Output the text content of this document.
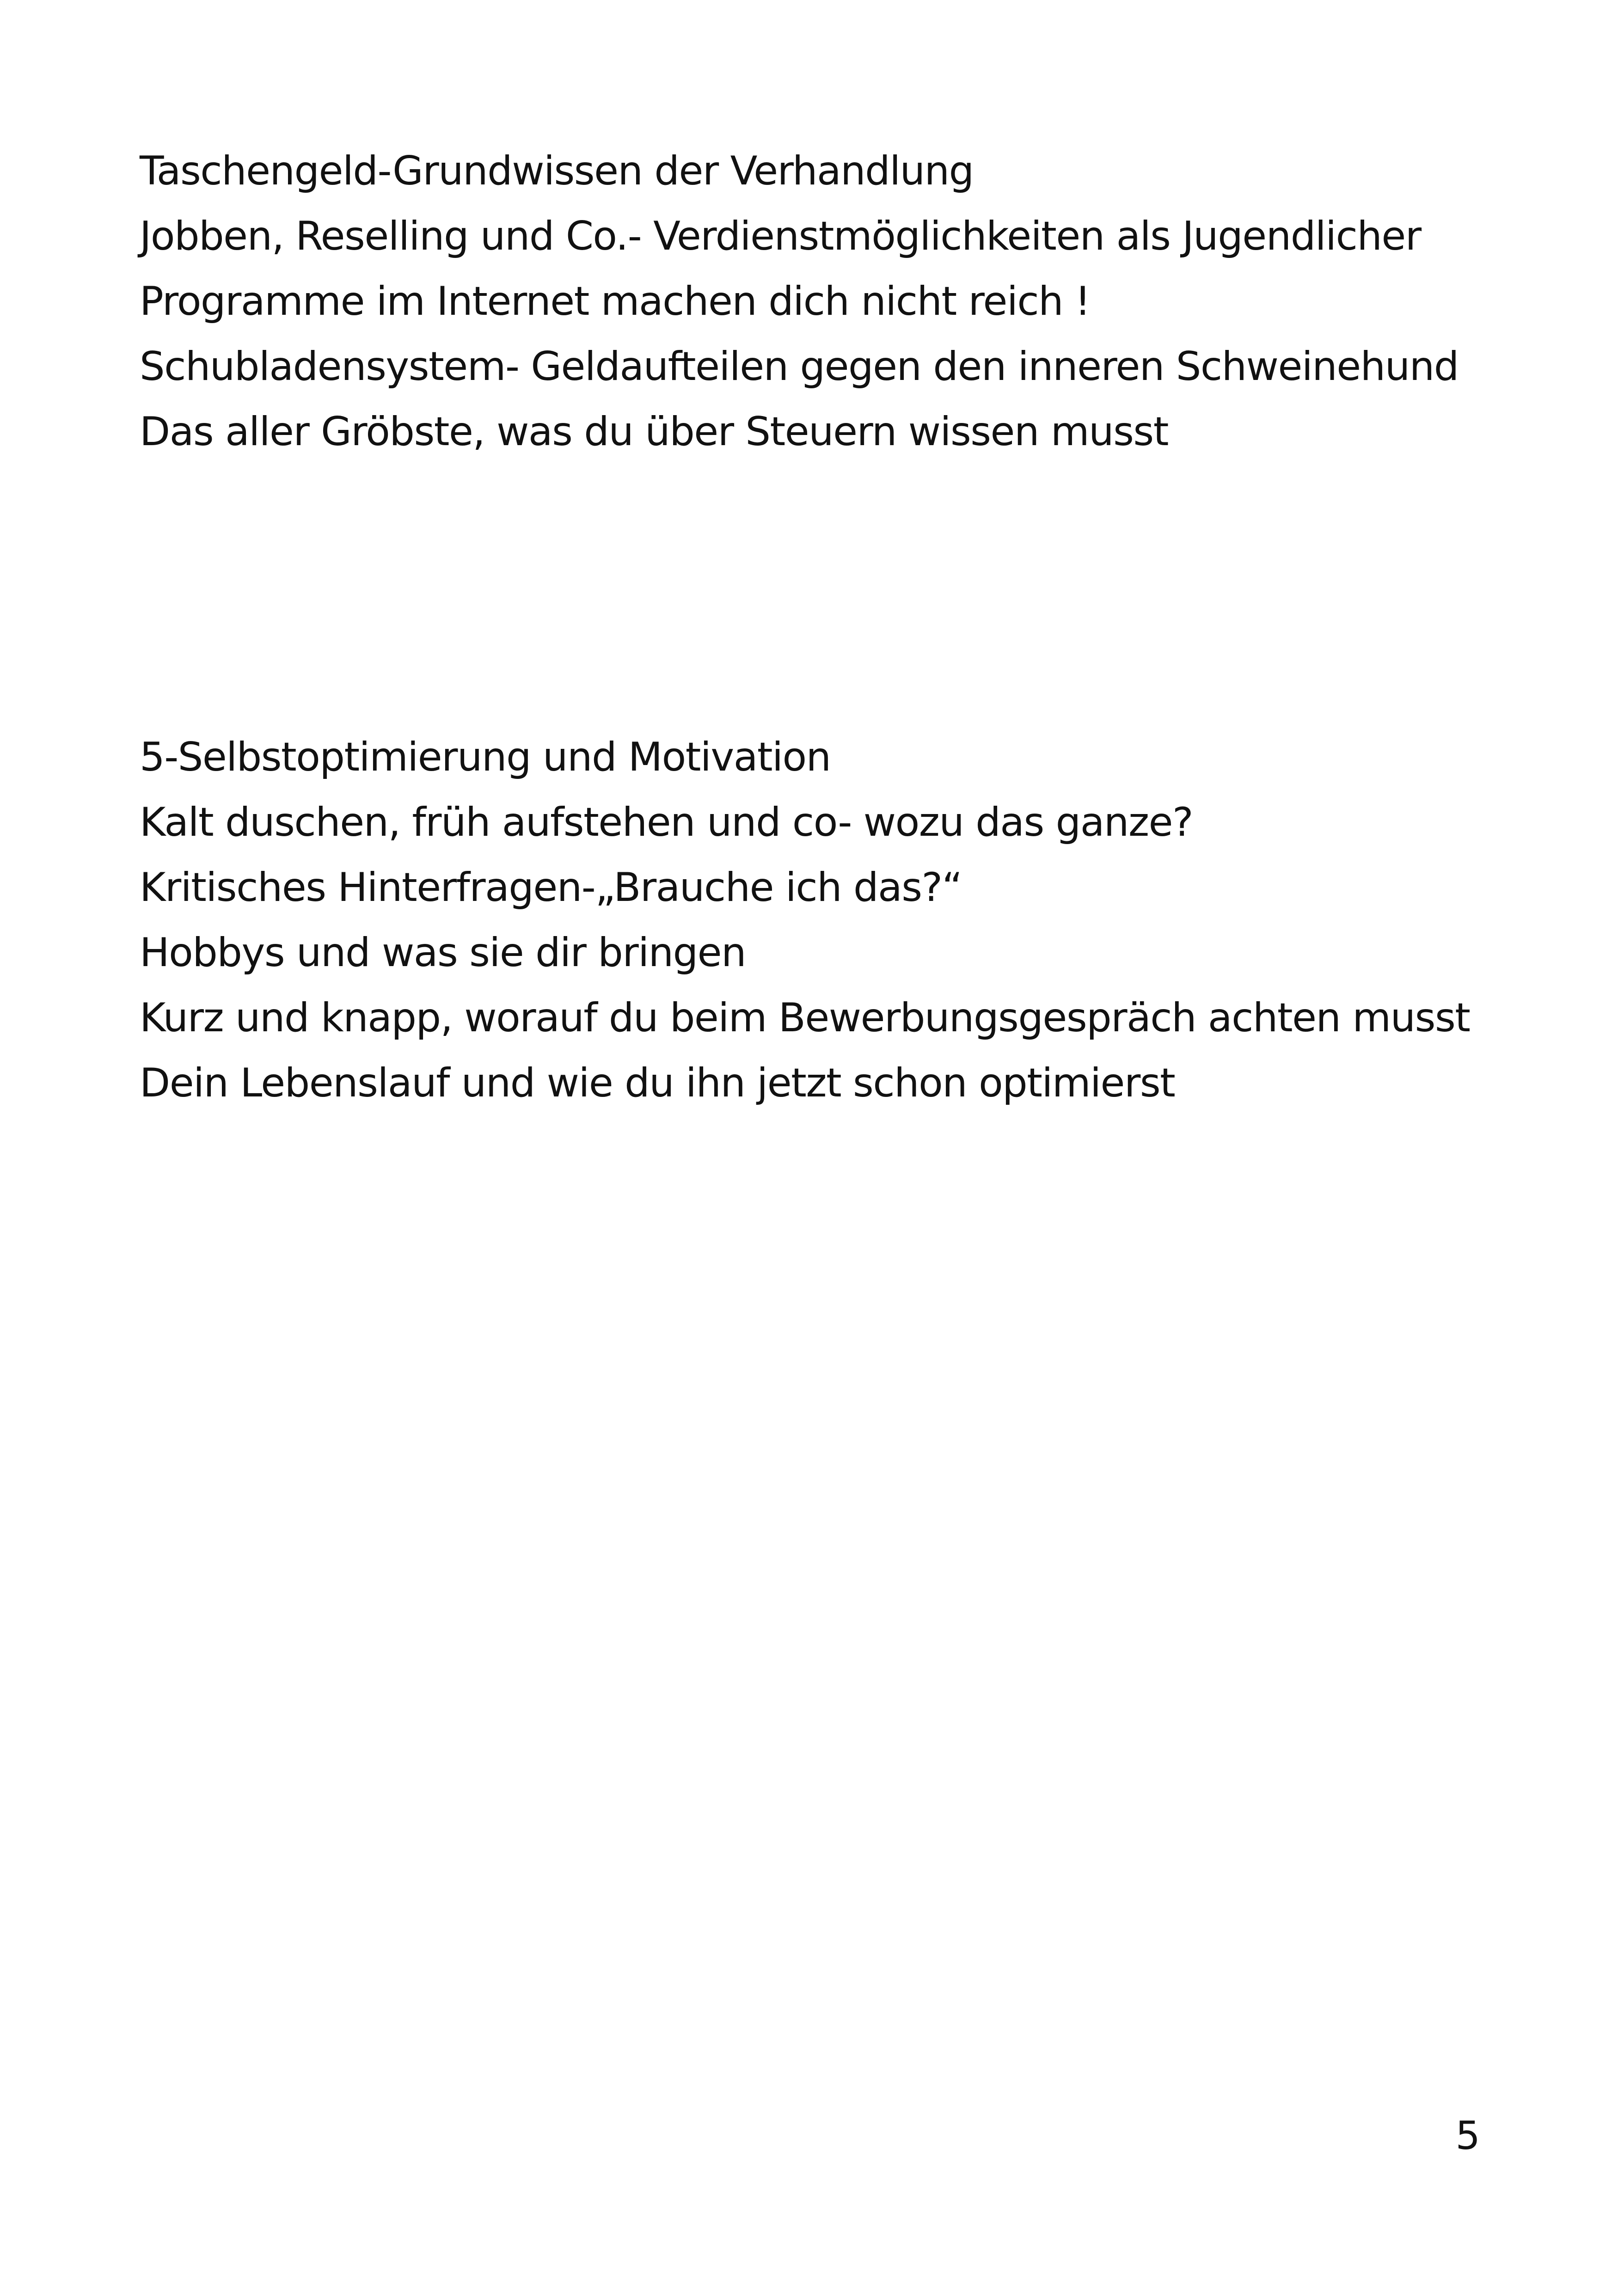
Taschengeld-Grundwissen der Verhandlung
Jobben, Reselling und Co.- Verdienstmöglichkeiten als Jugendlicher
Programme im Internet machen dich nicht reich !
Schubladensystem- Geldaufteilen gegen den inneren Schweinehund
Das aller Gröbste, was du über Steuern wissen musst
5-Selbstoptimierung und Motivation
Kalt duschen, früh aufstehen und co- wozu das ganze?
Kritisches Hinterfragen-„Brauche ich das?“
Hobbys und was sie dir bringen
Kurz und knapp, worauf du beim Bewerbungsgespräch achten musst
Dein Lebenslauf und wie du ihn jetzt schon optimierst
5
